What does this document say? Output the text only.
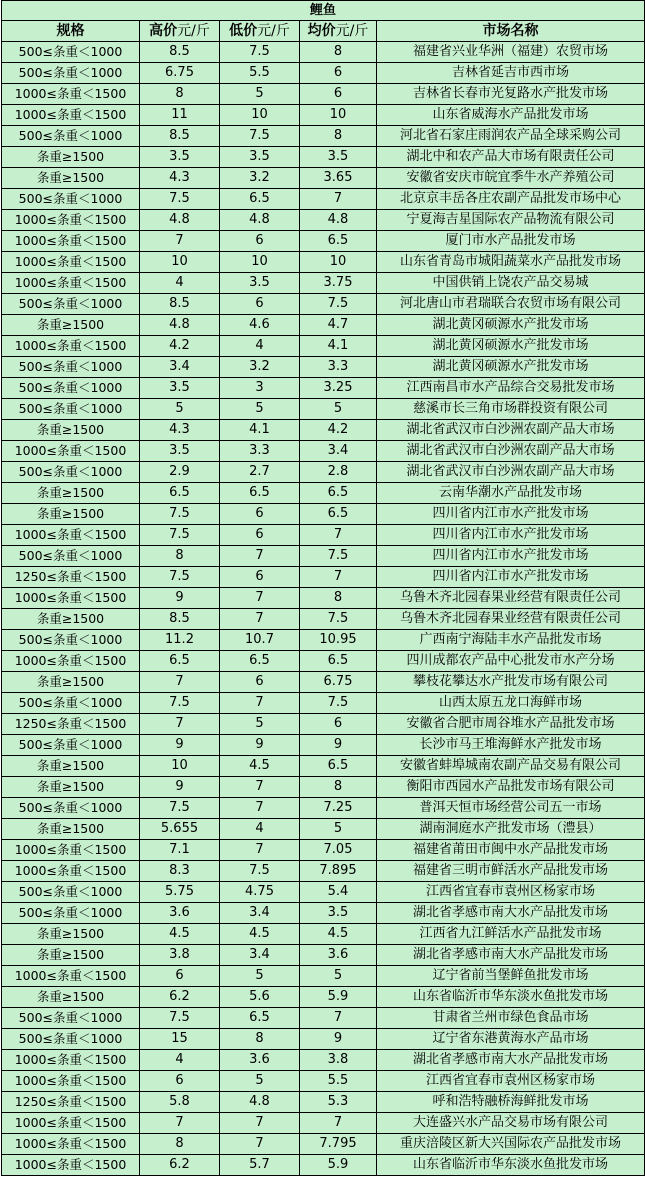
鲤鱼				
规格	高价元/斤	低价元/斤	均价元/斤	市场名称
500≤条重＜1000	8.5	7.5	8	福建省兴业华洲（福建）农贸市场
500≤条重＜1000	6.75	5.5	6	吉林省延吉市西市场
1000≤条重＜1500	8	5	6	吉林省长春市光复路水产批发市场
1000≤条重＜1500	11	10	10	山东省威海水产品批发市场
500≤条重＜1000	8.5	7.5	8	河北省石家庄雨润农产品全球采购公司
条重≥1500	3.5	3.5	3.5	湖北中和农产品大市场有限责任公司
条重≥1500	4.3	3.2	3.65	安徽省安庆市皖宜季牛水产养殖公司
500≤条重＜1000	7.5	6.5	7	北京京丰岳各庄农副产品批发市场中心
1000≤条重＜1500	4.8	4.8	4.8	宁夏海吉星国际农产品物流有限公司
1000≤条重＜1500	7	6	6.5	厦门市水产品批发市场
1000≤条重＜1500	10	10	10	山东省青岛市城阳蔬菜水产品批发市场
1000≤条重＜1500	4	3.5	3.75	中国供销上饶农产品交易城
500≤条重＜1000	8.5	6	7.5	河北唐山市君瑞联合农贸市场有限公司
条重≥1500	4.8	4.6	4.7	湖北黄冈硕源水产批发市场
1000≤条重＜1500	4.2	4	4.1	湖北黄冈硕源水产批发市场
500≤条重＜1000	3.4	3.2	3.3	湖北黄冈硕源水产批发市场
500≤条重＜1000	3.5	3	3.25	江西南昌市水产品综合交易批发市场
500≤条重＜1000	5	5	5	慈溪市长三角市场群投资有限公司
条重≥1500	4.3	4.1	4.2	湖北省武汉市白沙洲农副产品大市场
1000≤条重＜1500	3.5	3.3	3.4	湖北省武汉市白沙洲农副产品大市场
500≤条重＜1000	2.9	2.7	2.8	湖北省武汉市白沙洲农副产品大市场
条重≥1500	6.5	6.5	6.5	云南华潮水产品批发市场
条重≥1500	7.5	6	6.5	四川省内江市水产批发市场
1000≤条重＜1500	7.5	6	7	四川省内江市水产批发市场
500≤条重＜1000	8	7	7.5	四川省内江市水产批发市场
1250≤条重＜1500	7.5	6	7	四川省内江市水产批发市场
1000≤条重＜1500	9	7	8	乌鲁木齐北园春果业经营有限责任公司
条重≥1500	8.5	7	7.5	乌鲁木齐北园春果业经营有限责任公司
500≤条重＜1000	11.2	10.7	10.95	广西南宁海陆丰水产品批发市场
1000≤条重＜1500	6.5	6.5	6.5	四川成都农产品中心批发市水产分场
条重≥1500	7	6	6.75	攀枝花攀达水产批发市场有限公司
500≤条重＜1000	7.5	7	7.5	山西太原五龙口海鲜市场
1250≤条重＜1500	7	5	6	安徽省合肥市周谷堆水产品批发市场
500≤条重＜1000	9	9	9	长沙市马王堆海鲜水产批发市场
条重≥1500	10	4.5	6.5	安徽省蚌埠城南农副产品交易有限公司
条重≥1500	9	7	8	衡阳市西园水产品批发市场有限公司
500≤条重＜1000	7.5	7	7.25	普洱天恒市场经营公司五一市场
条重≥1500	5.655	4	5	湖南洞庭水产批发市场（澧县）
1000≤条重＜1500	7.1	7	7.05	福建省莆田市闽中水产品批发市场
1000≤条重＜1500	8.3	7.5	7.895	福建省三明市鲜活水产品批发市场
500≤条重＜1000	5.75	4.75	5.4	江西省宜春市袁州区杨家市场
500≤条重＜1000	3.6	3.4	3.5	湖北省孝感市南大水产品批发市场
条重≥1500	4.5	4.5	4.5	江西省九江鲜活水产品批发市场
条重≥1500	3.8	3.4	3.6	湖北省孝感市南大水产品批发市场
1000≤条重＜1500	6	5	5	辽宁省前当堡鲜鱼批发市场
条重≥1500	6.2	5.6	5.9	山东省临沂市华东淡水鱼批发市场
500≤条重＜1000	7.5	6.5	7	甘肃省兰州市绿色食品市场
500≤条重＜1000	15	8	9	辽宁省东港黄海水产品市场
1000≤条重＜1500	4	3.6	3.8	湖北省孝感市南大水产品批发市场
1000≤条重＜1500	6	5	5.5	江西省宜春市袁州区杨家市场
1250≤条重＜1500	5.8	4.8	5.3	呼和浩特融桥海鲜批发市场
1000≤条重＜1500	7	7	7	大连盛兴水产品交易市场有限公司
1000≤条重＜1500	8	7	7.795	重庆涪陵区新大兴国际农产品批发市场
1000≤条重＜1500	6.2	5.7	5.9	山东省临沂市华东淡水鱼批发市场
